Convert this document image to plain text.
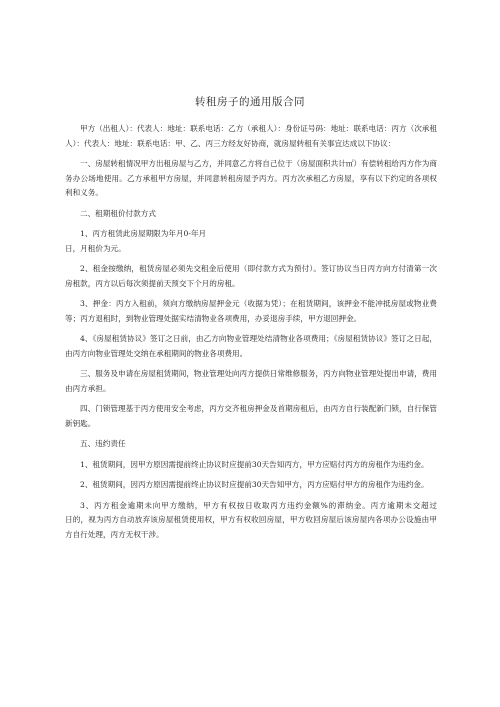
转租房子的通用版合同

甲方（出租人）：代表人：地址：联系电话：乙方（承租人）：身份证号码：地址：联系电话：丙方（次承租人）：代表人：地址：联系电话：甲、乙、丙三方经友好协商，就房屋转租有关事宜达成以下协议：

一、房屋转租情况甲方出租房屋与乙方，并同意乙方将自己位于（房屋面积共计㎡）有偿转租给丙方作为商务办公场地使用。乙方承租甲方房屋，并同意转租房屋予丙方。丙方次承租乙方房屋，享有以下约定的各项权利和义务。

二、租期租价付款方式

1、丙方租赁此房屋期限为年月0-年月

日，月租价为元。

2、租金按缴纳，租赁房屋必须先交租金后使用（即付款方式为预付）。签订协议当日丙方向方付清第一次房租款，丙方以后每次须提前天预交下个月的房租。

3、押金：丙方入租前，须向方缴纳房屋押金元（收据为凭）；在租赁期间，该押金不能冲抵房屋或物业费等；丙方退租时，到物业管理处据实结清物业各项费用，办妥退房手续，甲方退回押金。

4、《房屋租赁协议》签订之日前，由乙方向物业管理处结清物业各项费用；《房屋租赁协议》签订之日起，由丙方向物业管理处交纳在承租期间的物业各项费用。

三、服务及申请在房屋租赁期间，物业管理处向丙方提供日常维修服务，丙方向物业管理处提出申请，费用由丙方承担。

四、门锁管理基于丙方使用安全考虑，丙方交齐租房押金及首期房租后，由丙方自行装配新门锁，自行保管新钥匙。

五、违约责任

1、租赁期间，因甲方原因需提前终止协议时应提前30天告知丙方，甲方应赔付丙方的房租作为违约金。

2、租赁期间，因丙方原因需提前终止协议时应提前30天告知甲方，丙方应赔付甲方的房租作为违约金。

3、丙方租金逾期未向甲方缴纳，甲方有权按日收取丙方违约金额%的滞纳金。丙方逾期未交超过　　　　　日的，视为丙方自动放弃该房屋租赁使用权，甲方有权收回房屋，甲方收回房屋后该房屋内各项办公设施由甲方自行处理，丙方无权干涉。
